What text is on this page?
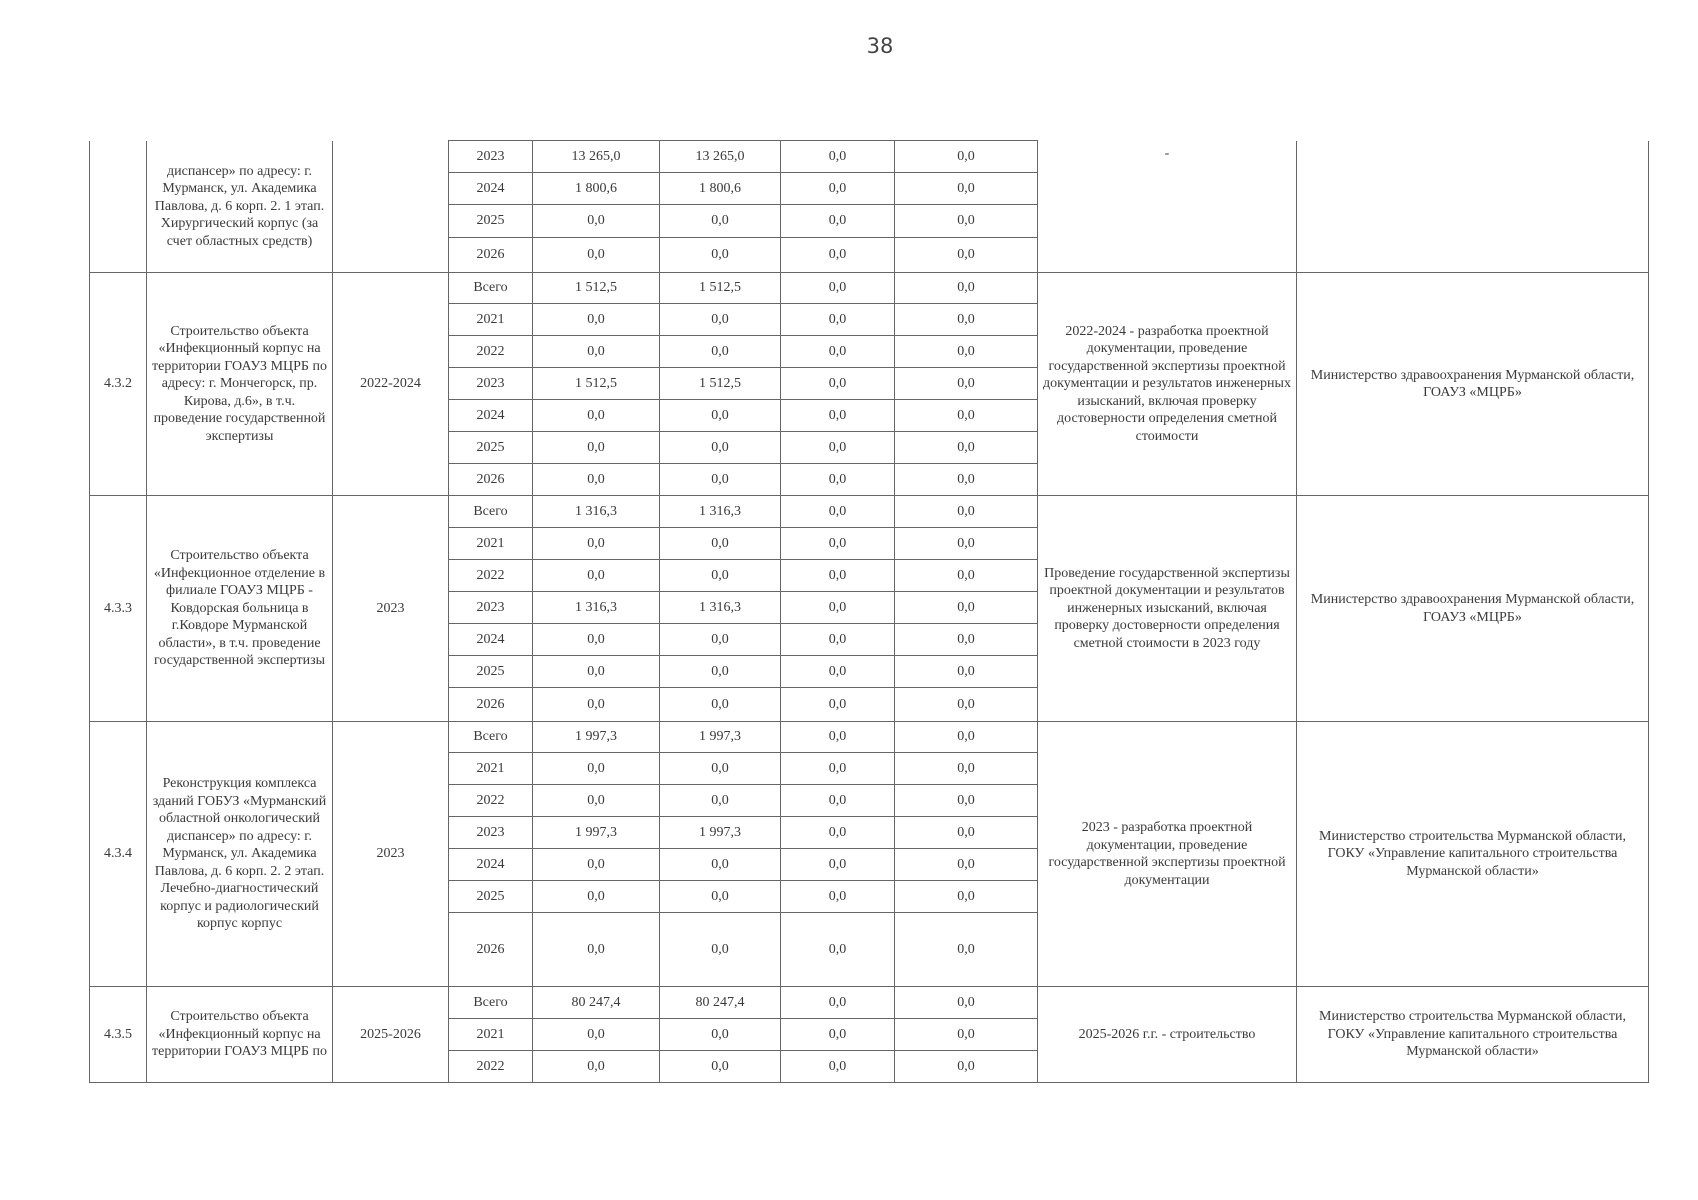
38
	диспансер» по адресу: г. Мурманск, ул. Академика Павлова, д. 6 корп. 2. 1 этап. Хирургический корпус (за счет областных средств)		2023	13 265,0	13 265,0	0,0	0,0	-	
			2024	1 800,6	1 800,6	0,0	0,0		
			2025	0,0	0,0	0,0	0,0		
			2026	0,0	0,0	0,0	0,0		
4.3.2	Строительство объекта «Инфекционный корпус на территории ГОАУЗ МЦРБ по адресу: г. Мончегорск, пр. Кирова, д.6», в т.ч. проведение государственной экспертизы	2022-2024	Всего	1 512,5	1 512,5	0,0	0,0	2022-2024 - разработка проектной документации, проведение государственной экспертизы проектной документации и результатов инженерных изысканий, включая проверку достоверности определения сметной стоимости	Министерство здравоохранения Мурманской области, ГОАУЗ «МЦРБ»
			2021	0,0	0,0	0,0	0,0		
			2022	0,0	0,0	0,0	0,0		
			2023	1 512,5	1 512,5	0,0	0,0		
			2024	0,0	0,0	0,0	0,0		
			2025	0,0	0,0	0,0	0,0		
			2026	0,0	0,0	0,0	0,0		
4.3.3	Строительство объекта «Инфекционное отделение в филиале ГОАУЗ МЦРБ - Ковдорская больница в г.Ковдоре Мурманской области», в т.ч. проведение государственной экспертизы	2023	Всего	1 316,3	1 316,3	0,0	0,0	Проведение государственной экспертизы проектной документации и результатов инженерных изысканий, включая проверку достоверности определения сметной стоимости в 2023 году	Министерство здравоохранения Мурманской области, ГОАУЗ «МЦРБ»
			2021	0,0	0,0	0,0	0,0		
			2022	0,0	0,0	0,0	0,0		
			2023	1 316,3	1 316,3	0,0	0,0		
			2024	0,0	0,0	0,0	0,0		
			2025	0,0	0,0	0,0	0,0		
			2026	0,0	0,0	0,0	0,0		
4.3.4	Реконструкция комплекса зданий ГОБУЗ «Мурманский областной онкологический диспансер» по адресу: г. Мурманск, ул. Академика Павлова, д. 6 корп. 2. 2 этап. Лечебно-диагностический корпус и радиологический корпус корпус	2023	Всего	1 997,3	1 997,3	0,0	0,0	2023 - разработка проектной документации, проведение государственной экспертизы проектной документации	Министерство строительства Мурманской области, ГОКУ «Управление капитального строительства Мурманской области»
			2021	0,0	0,0	0,0	0,0		
			2022	0,0	0,0	0,0	0,0		
			2023	1 997,3	1 997,3	0,0	0,0		
			2024	0,0	0,0	0,0	0,0		
			2025	0,0	0,0	0,0	0,0		
			2026	0,0	0,0	0,0	0,0		
4.3.5	Строительство объекта «Инфекционный корпус на территории ГОАУЗ МЦРБ по	2025-2026	Всего	80 247,4	80 247,4	0,0	0,0	2025-2026 г.г. - строительство	Министерство строительства Мурманской области, ГОКУ «Управление капитального строительства Мурманской области»
			2021	0,0	0,0	0,0	0,0		
			2022	0,0	0,0	0,0	0,0		
